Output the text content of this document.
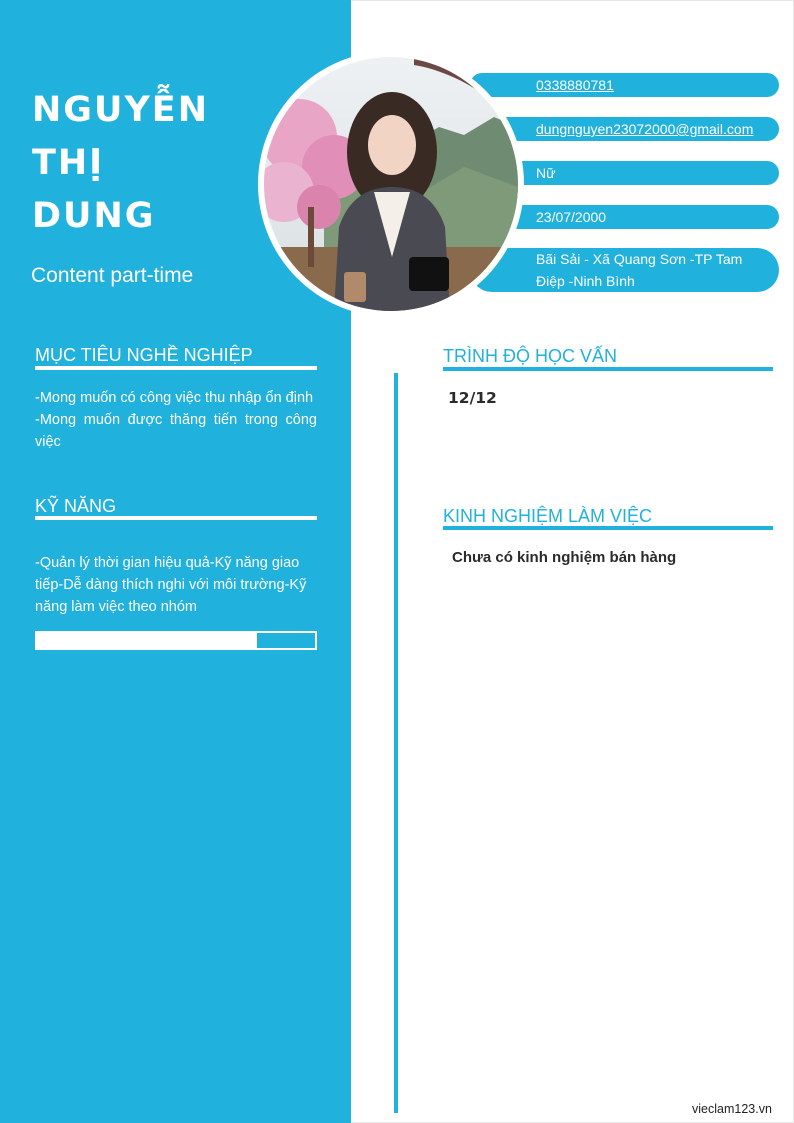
NGUYỄN
THỊ
DUNG
Content part-time
0338880781
dungnguyen23072000@gmail.com
Nữ
23/07/2000
Bãi Sải - Xã Quang Sơn -TP Tam Điệp -Ninh Bình
MỤC TIÊU NGHỀ NGHIỆP
-Mong muốn có công việc thu nhập ổn định
-Mong muốn được thăng tiến trong công việc
KỸ NĂNG
-Quản lý thời gian hiệu quả-Kỹ năng giao tiếp-Dễ dàng thích nghi với môi trường-Kỹ năng làm việc theo nhóm
TRÌNH ĐỘ HỌC VẤN
12/12
KINH NGHIỆM LÀM VIỆC
Chưa có kinh nghiệm bán hàng
vieclam123.vn
